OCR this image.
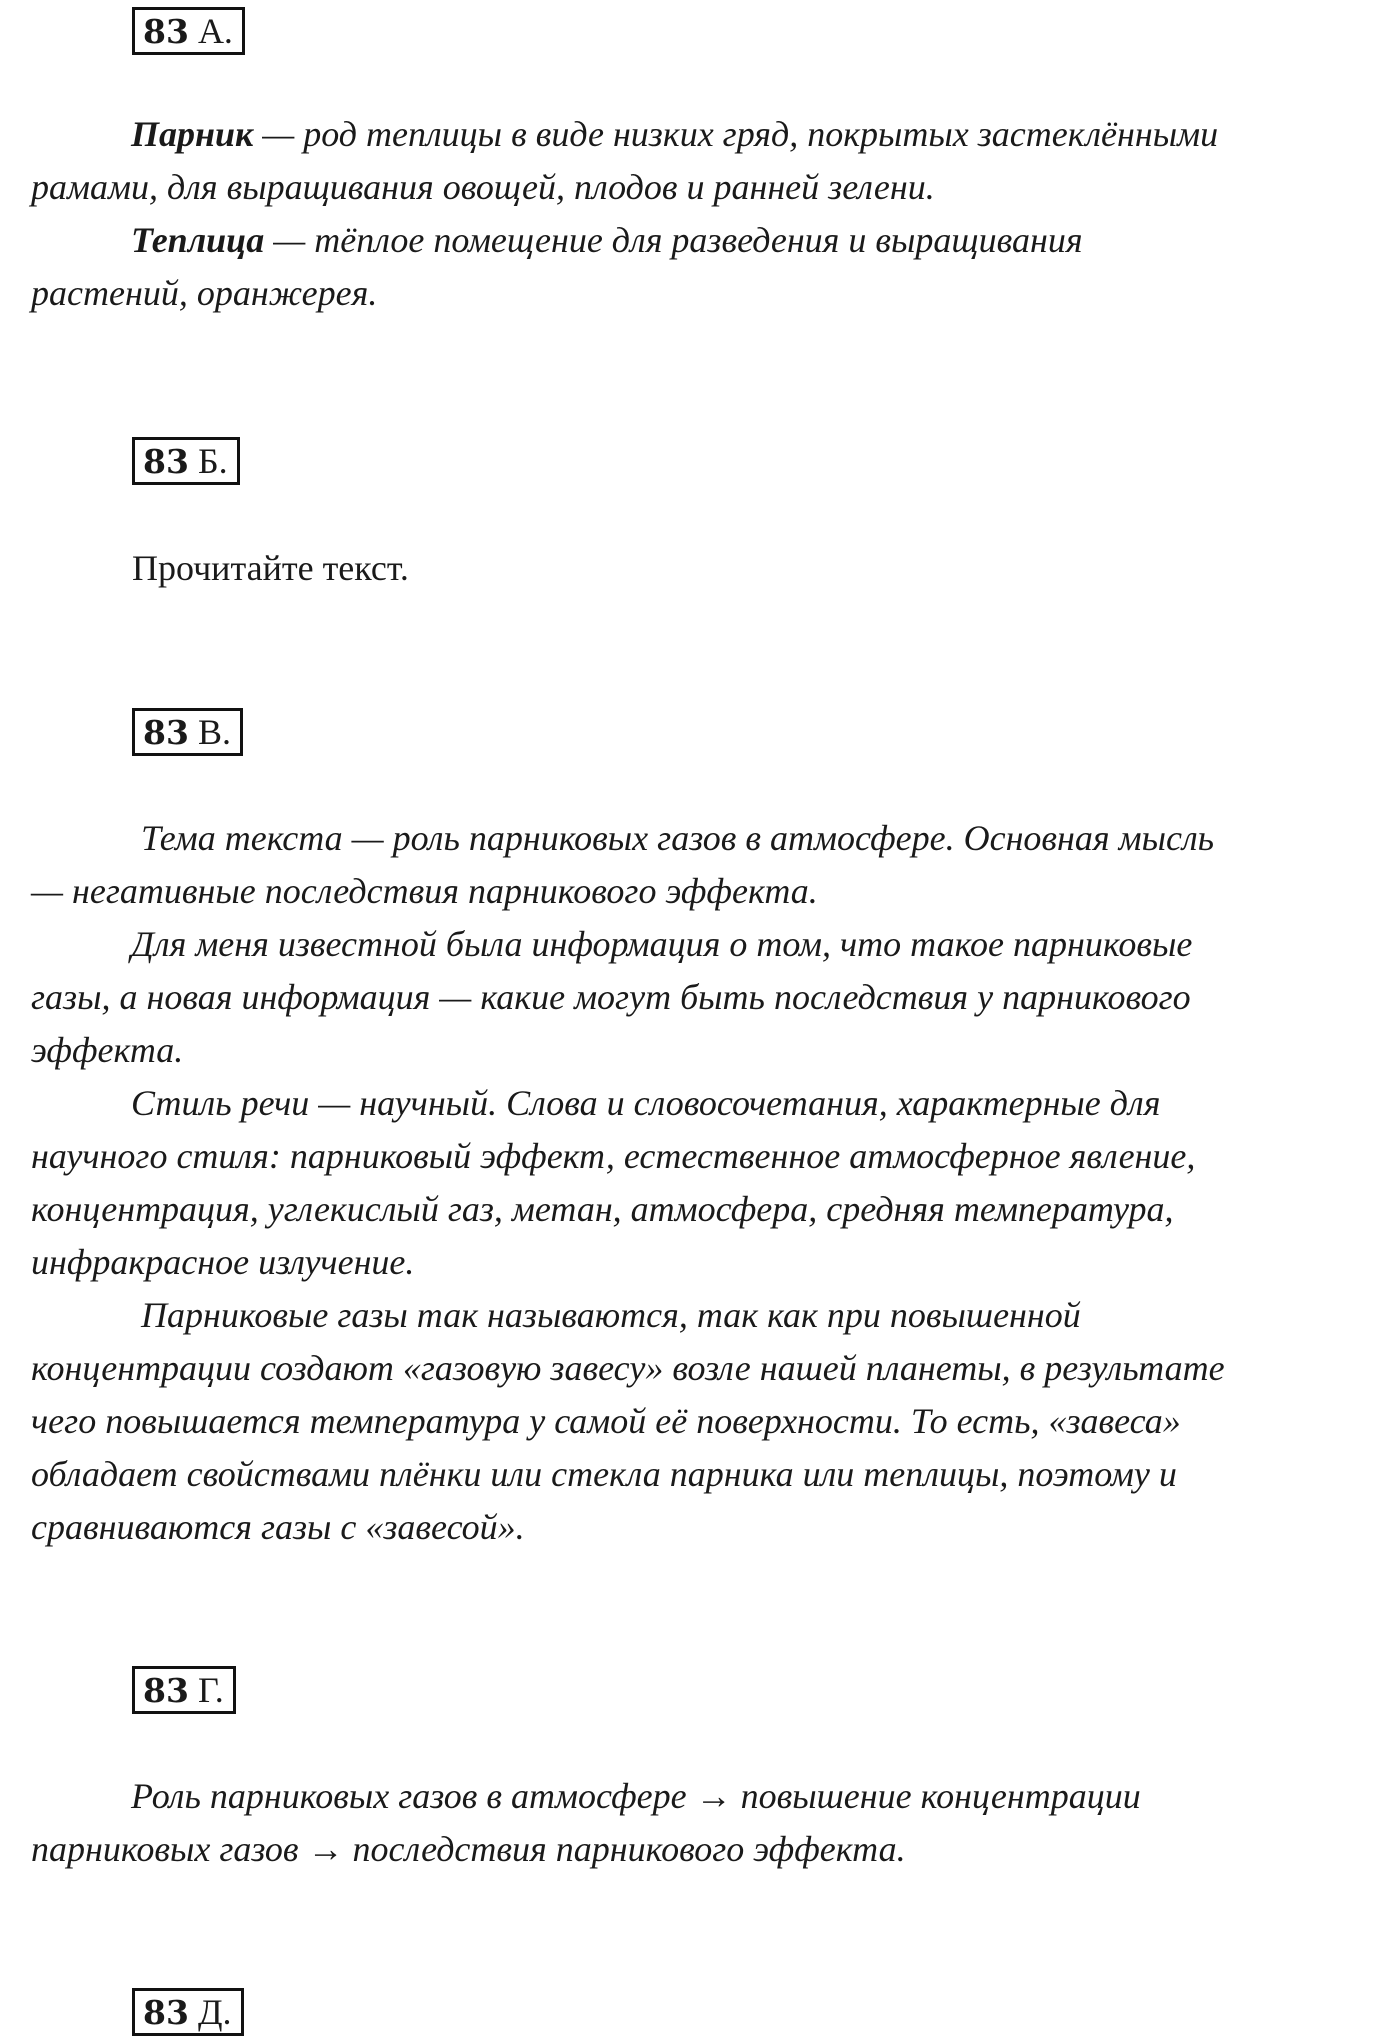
83 А.
Парник — род теплицы в виде низких гряд, покрытых застеклёнными
рамами, для выращивания овощей, плодов и ранней зелени.
Теплица — тёплое помещение для разведения и выращивания
растений, оранжерея.
83 Б.

Прочитайте текст.

83 В.
Тема текста — роль парниковых газов в атмосфере. Основная мысль
— негативные последствия парникового эффекта.
Для меня известной была информация о том, что такое парниковые
газы, а новая информация — какие могут быть последствия у парникового
эффекта.
Стиль речи — научный. Слова и словосочетания, характерные для
научного стиля: парниковый эффект, естественное атмосферное явление,
концентрация, углекислый газ, метан, атмосфера, средняя температура,
инфракрасное излучение.
Парниковые газы так называются, так как при повышенной
концентрации создают «газовую завесу» возле нашей планеты, в результате
чего повышается температура у самой её поверхности. То есть, «завеса»
обладает свойствами плёнки или стекла парника или теплицы, поэтому и
сравниваются газы с «завесой».
83 Г.
Роль парниковых газов в атмосфере → повышение концентрации
парниковых газов → последствия парникового эффекта.
83 Д.
